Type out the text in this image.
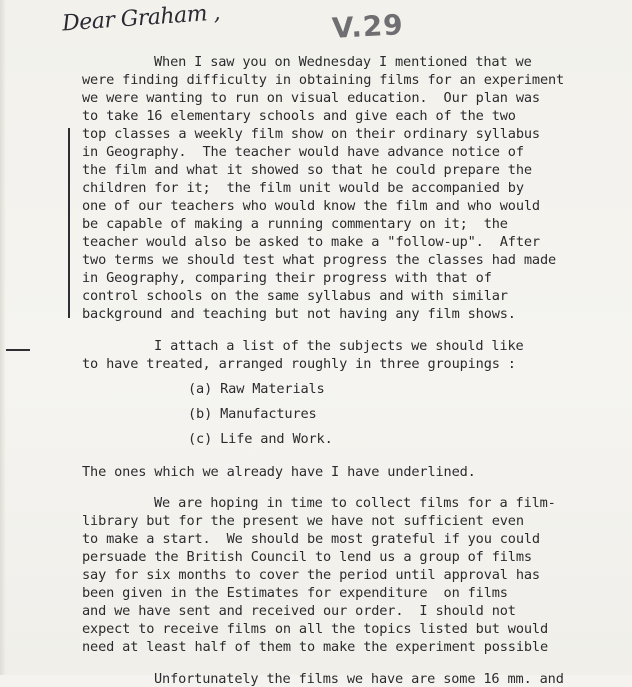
Dear Graham ,	V.29
When I saw you on Wednesday I mentioned that we
were finding difficulty in obtaining films for an experiment
we were wanting to run on visual education.  Our plan was
to take 16 elementary schools and give each of the two
top classes a weekly film show on their ordinary syllabus
in Geography.  The teacher would have advance notice of
the film and what it showed so that he could prepare the
children for it;  the film unit would be accompanied by
one of our teachers who would know the film and who would
be capable of making a running commentary on it;  the
teacher would also be asked to make a "follow-up".  After
two terms we should test what progress the classes had made
in Geography, comparing their progress with that of
control schools on the same syllabus and with similar
background and teaching but not having any film shows.
I attach a list of the subjects we should like
to have treated, arranged roughly in three groupings :
(a) Raw Materials
(b) Manufactures
(c) Life and Work.
The ones which we already have I have underlined.
We are hoping in time to collect films for a film-
library but for the present we have not sufficient even
to make a start.  We should be most grateful if you could
persuade the British Council to lend us a group of films
say for six months to cover the period until approval has
been given in the Estimates for expenditure  on films
and we have sent and received our order.  I should not
expect to receive films on all the topics listed but would
need at least half of them to make the experiment possible
Unfortunately the films we have are some 16 mm. and
